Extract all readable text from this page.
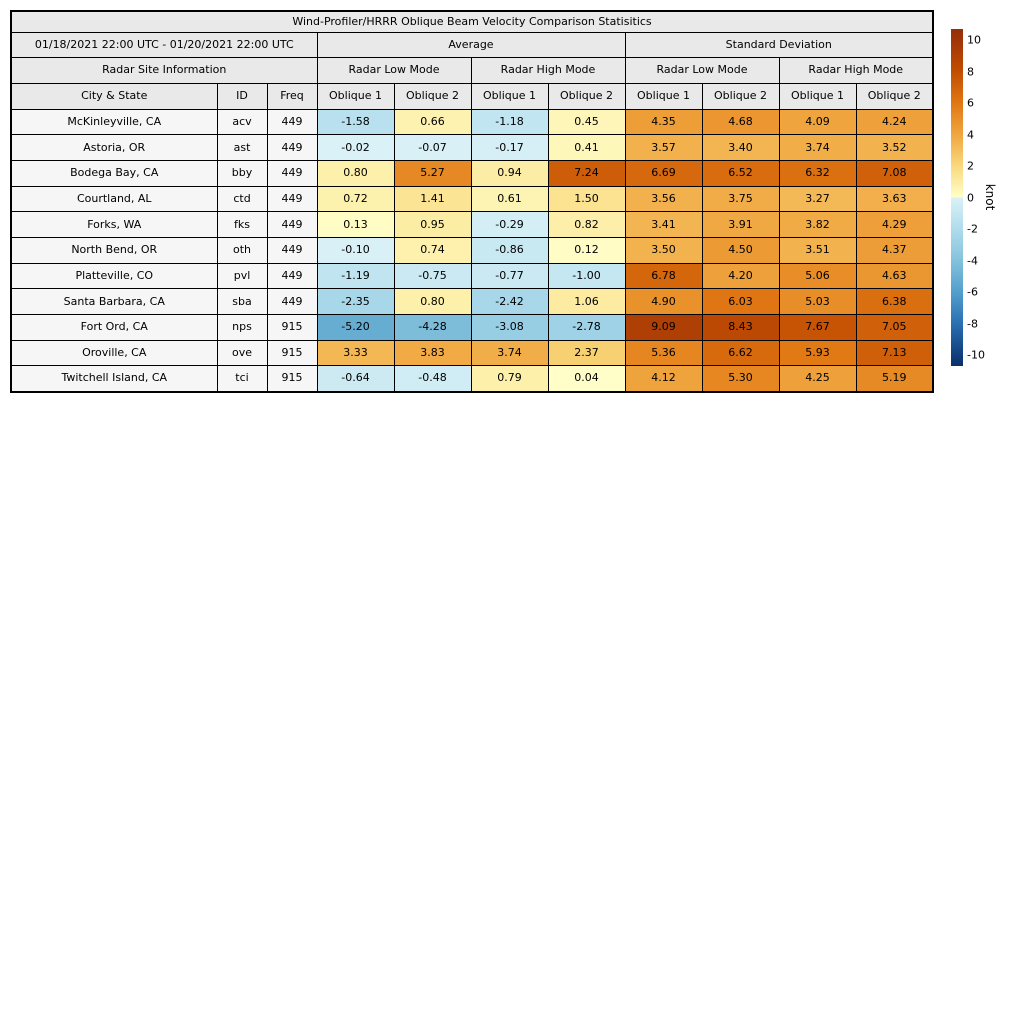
Wind-Profiler/HRRR Oblique Beam Velocity Comparison Statisitics										
01/18/2021 22:00 UTC - 01/20/2021 22:00 UTC			Average				Standard Deviation			
Radar Site Information			Radar Low Mode		Radar High Mode		Radar Low Mode		Radar High Mode	
City & State	ID	Freq	Oblique 1	Oblique 2	Oblique 1	Oblique 2	Oblique 1	Oblique 2	Oblique 1	Oblique 2
McKinleyville, CA	acv	449	-1.58	0.66	-1.18	0.45	4.35	4.68	4.09	4.24
Astoria, OR	ast	449	-0.02	-0.07	-0.17	0.41	3.57	3.40	3.74	3.52
Bodega Bay, CA	bby	449	0.80	5.27	0.94	7.24	6.69	6.52	6.32	7.08
Courtland, AL	ctd	449	0.72	1.41	0.61	1.50	3.56	3.75	3.27	3.63
Forks, WA	fks	449	0.13	0.95	-0.29	0.82	3.41	3.91	3.82	4.29
North Bend, OR	oth	449	-0.10	0.74	-0.86	0.12	3.50	4.50	3.51	4.37
Platteville, CO	pvl	449	-1.19	-0.75	-0.77	-1.00	6.78	4.20	5.06	4.63
Santa Barbara, CA	sba	449	-2.35	0.80	-2.42	1.06	4.90	6.03	5.03	6.38
Fort Ord, CA	nps	915	-5.20	-4.28	-3.08	-2.78	9.09	8.43	7.67	7.05
Oroville, CA	ove	915	3.33	3.83	3.74	2.37	5.36	6.62	5.93	7.13
Twitchell Island, CA	tci	915	-0.64	-0.48	0.79	0.04	4.12	5.30	4.25	5.19
10
8
6
4
2
0
-2
-4
-6
-8
-10
knot
